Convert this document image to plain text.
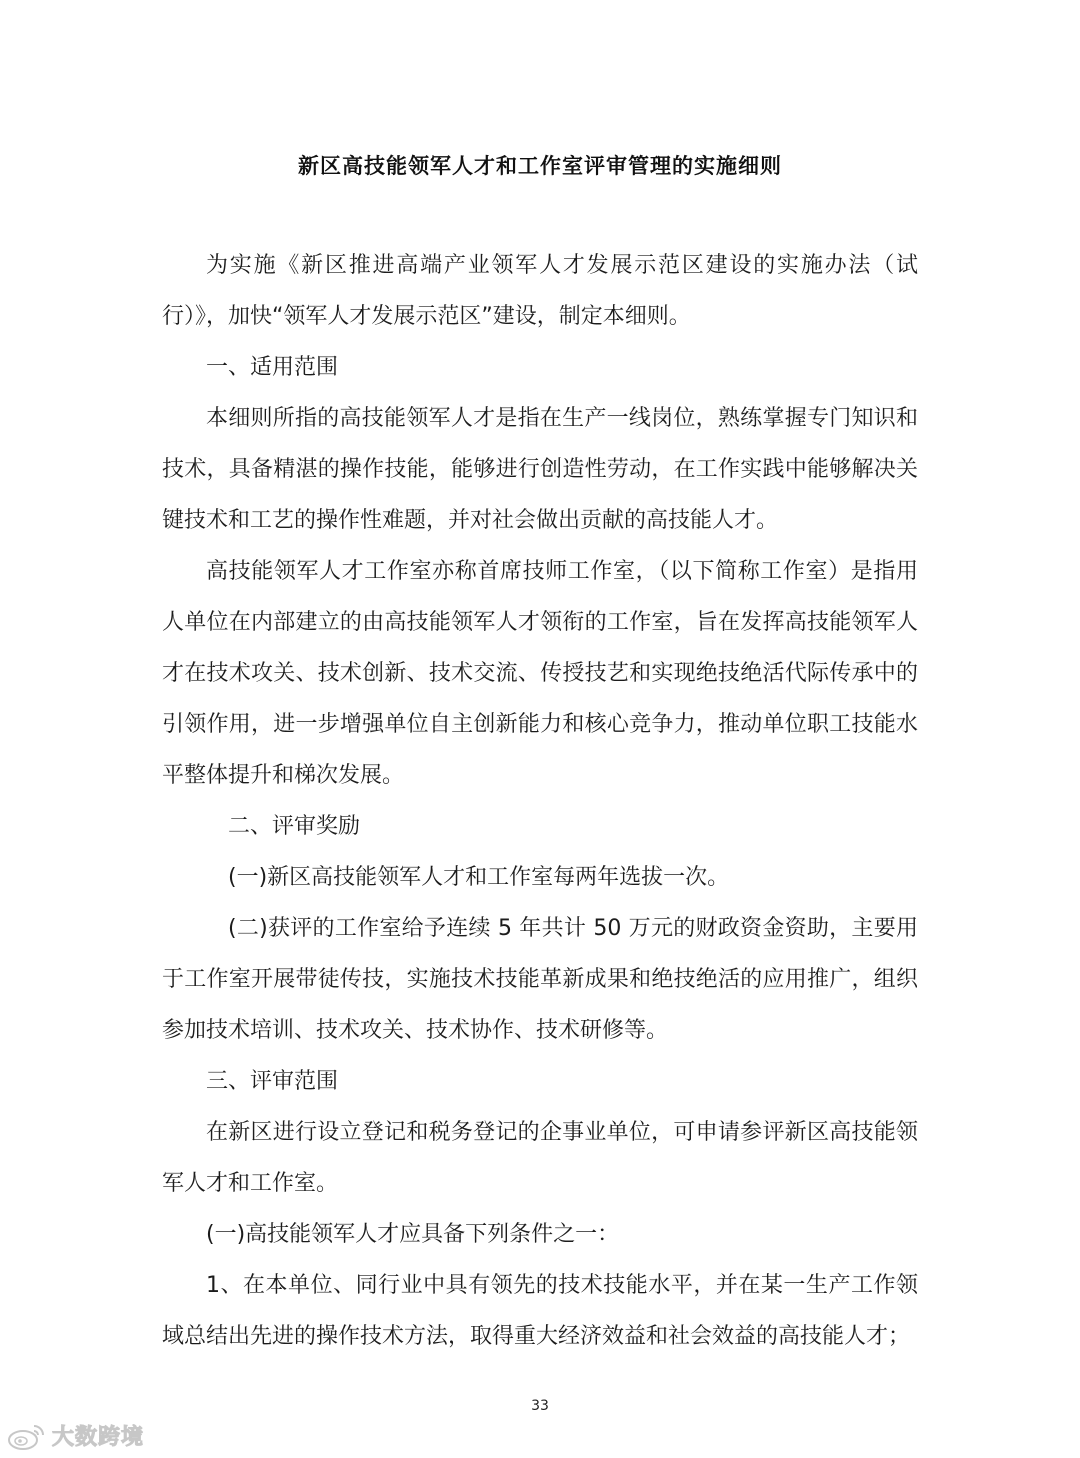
新区高技能领军人才和工作室评审管理的实施细则

为实施《新区推进高端产业领军人才发展示范区建设的实施办法（试行）》，加快“领军人才发展示范区”建设，制定本细则。

一、适用范围

本细则所指的高技能领军人才是指在生产一线岗位，熟练掌握专门知识和技术，具备精湛的操作技能，能够进行创造性劳动，在工作实践中能够解决关键技术和工艺的操作性难题，并对社会做出贡献的高技能人才。

高技能领军人才工作室亦称首席技师工作室，（以下简称工作室）是指用人单位在内部建立的由高技能领军人才领衔的工作室，旨在发挥高技能领军人才在技术攻关、技术创新、技术交流、传授技艺和实现绝技绝活代际传承中的引领作用，进一步增强单位自主创新能力和核心竞争力，推动单位职工技能水平整体提升和梯次发展。

二、评审奖励

(一)新区高技能领军人才和工作室每两年选拔一次。

(二)获评的工作室给予连续 5 年共计 50 万元的财政资金资助，主要用于工作室开展带徒传技，实施技术技能革新成果和绝技绝活的应用推广，组织参加技术培训、技术攻关、技术协作、技术研修等。

三、评审范围

在新区进行设立登记和税务登记的企事业单位，可申请参评新区高技能领军人才和工作室。

(一)高技能领军人才应具备下列条件之一：

1、在本单位、同行业中具有领先的技术技能水平，并在某一生产工作领域总结出先进的操作技术方法，取得重大经济效益和社会效益的高技能人才；

33
大数跨境
